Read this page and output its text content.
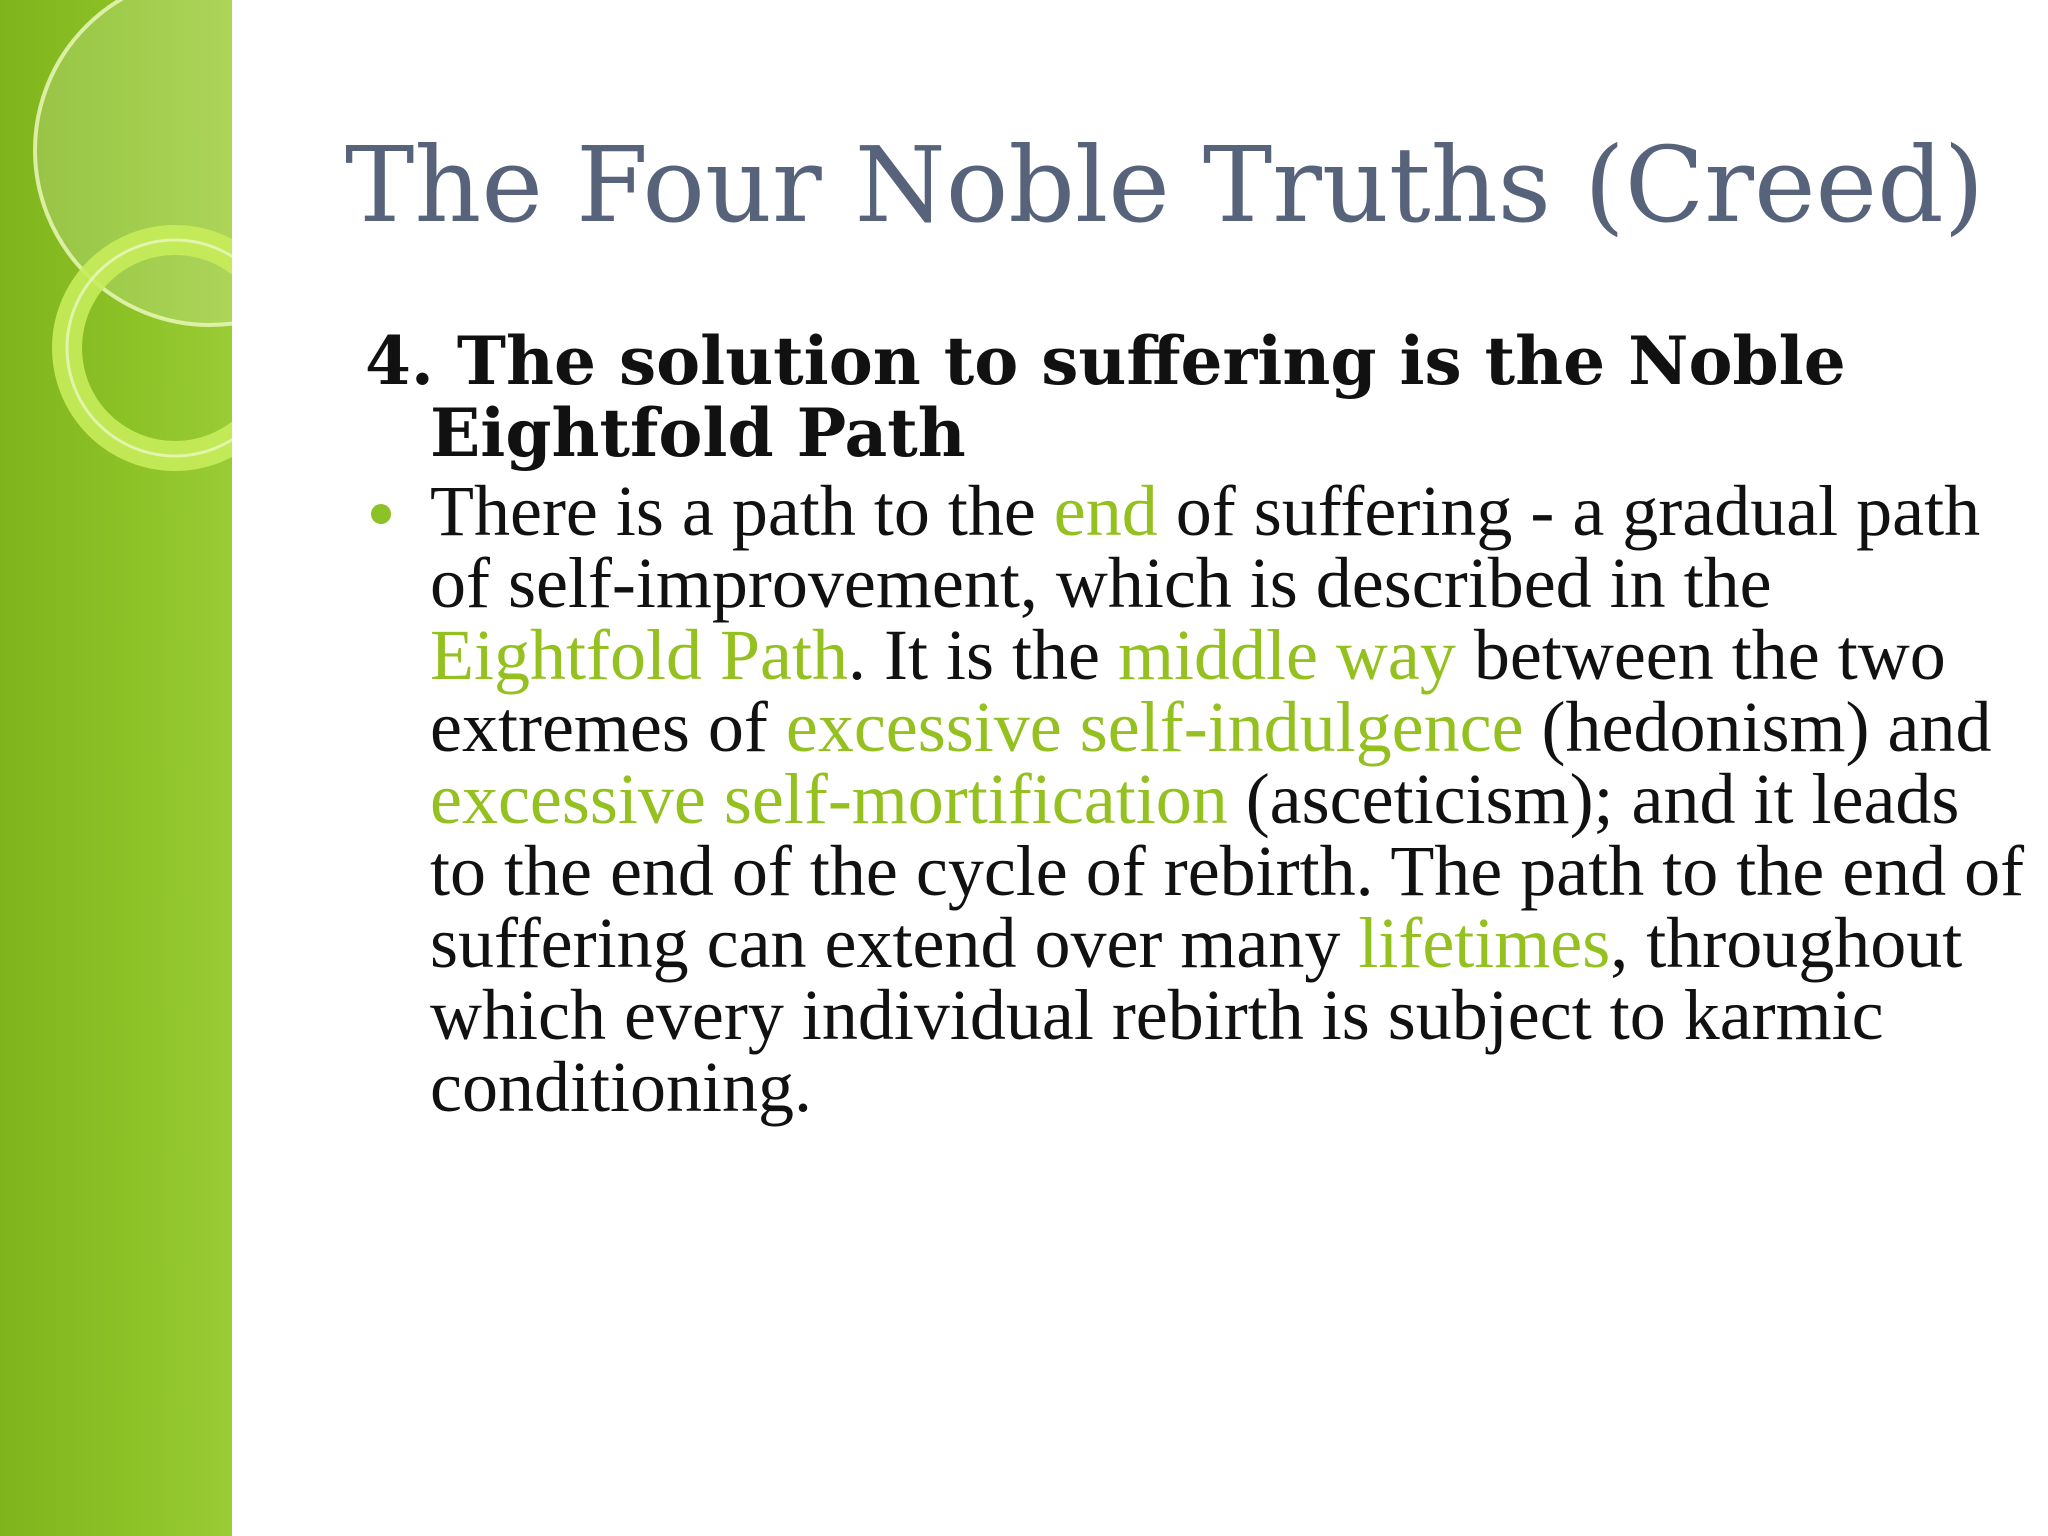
The Four Noble Truths (Creed)
4. The solution to suffering is the Noble Eightfold Path
There is a path to the end of suffering - a gradual path of self-improvement, which is described in the Eightfold Path. It is the middle way between the two extremes of excessive self-indulgence (hedonism) and excessive self-mortification (asceticism); and it leads to the end of the cycle of rebirth. The path to the end of suffering can extend over many lifetimes, throughout which every individual rebirth is subject to karmic conditioning.
